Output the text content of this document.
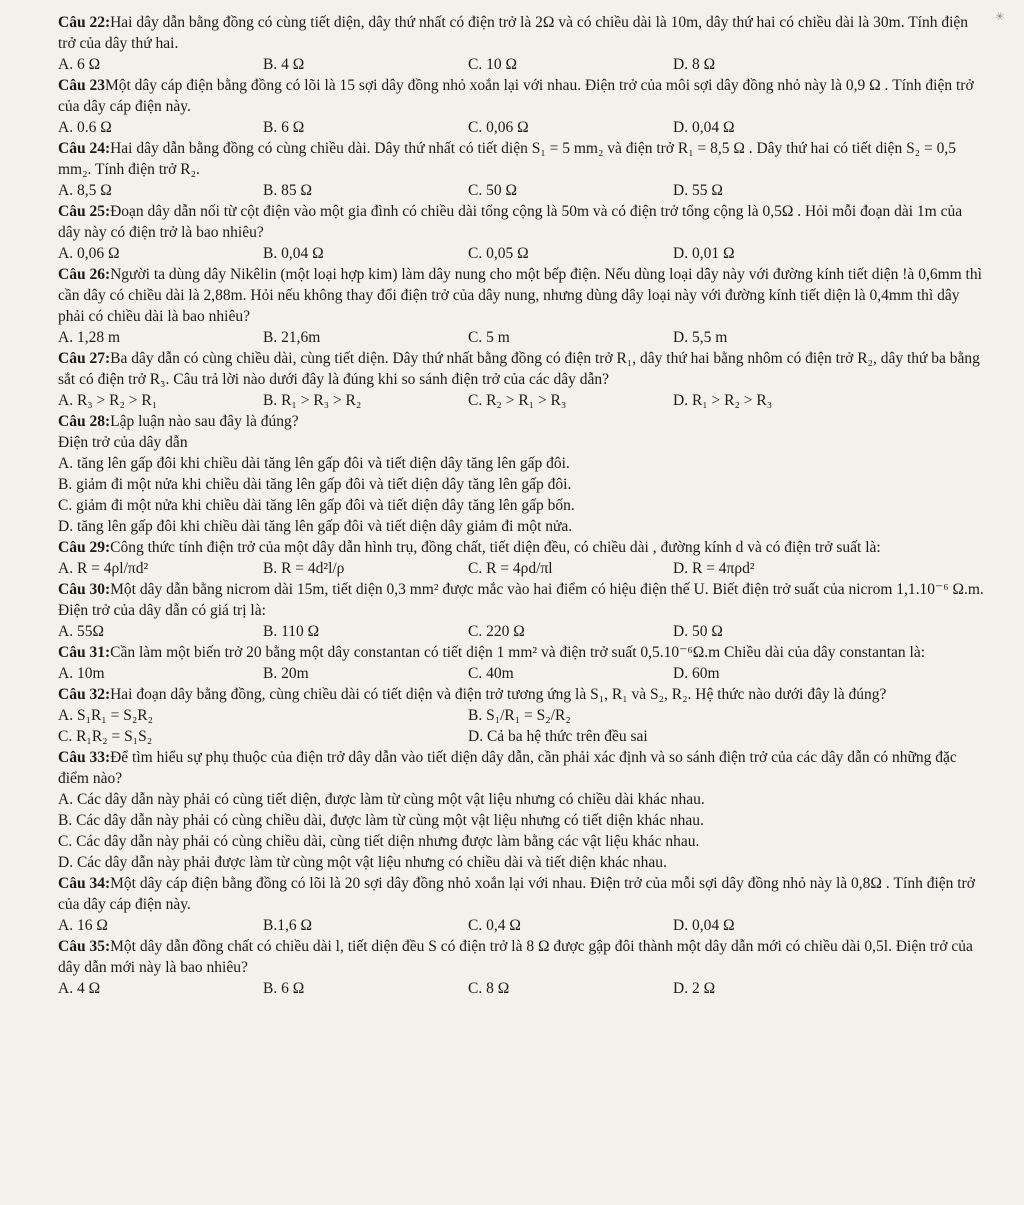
✳

Câu 22:Hai dây dẫn bằng đồng có cùng tiết diện, dây thứ nhất có điện trở là 2Ω và có chiều dài là 10m, dây thứ hai có chiều dài là 30m. Tính điện trở của dây thứ hai.

A. 6 Ω	B. 4 Ω	C. 10 Ω	D. 8 Ω

Câu 23Một dây cáp điện bằng đồng có lõi là 15 sợi dây đồng nhỏ xoắn lại với nhau. Điện trở của môi sợi dây đồng nhỏ này là 0,9 Ω . Tính điện trở của dây cáp điện này.

A. 0.6 Ω	B. 6 Ω	C. 0,06 Ω	D. 0,04 Ω

Câu 24:Hai dây dẫn bằng đồng có cùng chiều dài. Dây thứ nhất có tiết diện S₁ = 5 mm₂ và điện trở R₁ = 8,5 Ω . Dây thứ hai có tiết diện S₂ = 0,5 mm₂. Tính điện trở R₂.

A. 8,5 Ω	B. 85 Ω	C. 50 Ω	D. 55 Ω

Câu 25:Đoạn dây dẫn nối từ cột điện vào một gia đình có chiều dài tổng cộng là 50m và có điện trở tổng cộng là 0,5Ω . Hỏi mỗi đoạn dài 1m của dây này có điện trở là bao nhiêu?

A. 0,06 Ω	B. 0,04 Ω	C. 0,05 Ω	D. 0,01 Ω

Câu 26:Người ta dùng dây Nikêlin (một loại hợp kim) làm dây nung cho một bếp điện. Nếu dùng loại dây này với đường kính tiết diện !à 0,6mm thì cần dây có chiều dài là 2,88m. Hỏi nếu không thay đổi điện trở của dây nung, nhưng dùng dây loại này với đường kính tiết diện là 0,4mm thì dây phải có chiều dài là bao nhiêu?

A. 1,28 m	B. 21,6m	C. 5 m	D. 5,5 m

Câu 27:Ba dây dẫn có cùng chiều dài, cùng tiết diện. Dây thứ nhất bằng đồng có điện trở R₁, dây thứ hai bằng nhôm có điện trở R₂, dây thứ ba bằng sắt có điện trở R₃. Câu trả lời nào dưới đây là đúng khi so sánh điện trở của các dây dẫn?

A. R₃ > R₂ > R₁	B. R₁ > R₃ > R₂	C. R₂ > R₁ > R₃	D. R₁ > R₂ > R₃

Câu 28:Lập luận nào sau đây là đúng?

Điện trở của dây dẫn
A. tăng lên gấp đôi khi chiều dài tăng lên gấp đôi và tiết diện dây tăng lên gấp đôi.
B. giảm đi một nửa khi chiều dài tăng lên gấp đôi và tiết diện dây tăng lên gấp đôi.
C. giảm đi một nửa khi chiều dài tăng lên gấp đôi và tiết diện dây tăng lên gấp bốn.
D. tăng lên gấp đôi khi chiều dài tăng lên gấp đôi và tiết diện dây giảm đi một nửa.

Câu 29:Công thức tính điện trở của một dây dẫn hình trụ, đồng chất, tiết diện đều, có chiều dài , đường kính d và có điện trở suất là:

A. R = 4ρl/πd²	B. R = 4d²l/ρ	C. R = 4ρd/πl	D. R = 4πρd²

Câu 30:Một dây dẫn bằng nicrom dài 15m, tiết diện 0,3 mm² được mắc vào hai điểm có hiệu điện thế U. Biết điện trở suất của nicrom 1,1.10⁻⁶ Ω.m. Điện trở của dây dẫn có giá trị là:

A. 55Ω	B. 110 Ω	C. 220 Ω	D. 50 Ω

Câu 31:Cần làm một biến trở 20 bằng một dây constantan có tiết diện 1 mm² và điện trở suất 0,5.10⁻⁶Ω.m Chiều dài của dây constantan là:

A. 10m	B. 20m	C. 40m	D. 60m

Câu 32:Hai đoạn dây bằng đồng, cùng chiều dài có tiết diện và điện trở tương ứng là S₁, R₁ và S₂, R₂. Hệ thức nào dưới đây là đúng?

A. S₁R₁ = S₂R₂	B. S₁/R₁ = S₂/R₂
C. R₁R₂ = S₁S₂	D. Cả ba hệ thức trên đều sai

Câu 33:Để tìm hiểu sự phụ thuộc của điện trở dây dẫn vào tiết diện dây dẫn, cần phải xác định và so sánh điện trở của các dây dẫn có những đặc điểm nào?

A. Các dây dẫn này phải có cùng tiết diện, được làm từ cùng một vật liệu nhưng có chiều dài khác nhau.
B. Các dây dẫn này phải có cùng chiều dài, được làm từ cùng một vật liệu nhưng có tiết diện khác nhau.
C. Các dây dẫn này phải có cùng chiều dài, cùng tiết diện nhưng được làm bằng các vật liệu khác nhau.
D. Các dây dẫn này phải được làm từ cùng một vật liệu nhưng có chiều dài và tiết diện khác nhau.

Câu 34:Một dây cáp điện bằng đồng có lõi là 20 sợi dây đồng nhỏ xoắn lại với nhau. Điện trở của mỗi sợi dây đồng nhỏ này là 0,8Ω . Tính điện trở của dây cáp điện này.

A. 16 Ω	B.1,6 Ω	C. 0,4 Ω	D. 0,04 Ω

Câu 35:Một dây dẫn đồng chất có chiều dài l, tiết diện đều S có điện trở là 8 Ω được gập đôi thành một dây dẫn mới có chiều dài 0,5l. Điện trở của dây dẫn mới này là bao nhiêu?

A. 4 Ω	B. 6 Ω	C. 8 Ω	D. 2 Ω
